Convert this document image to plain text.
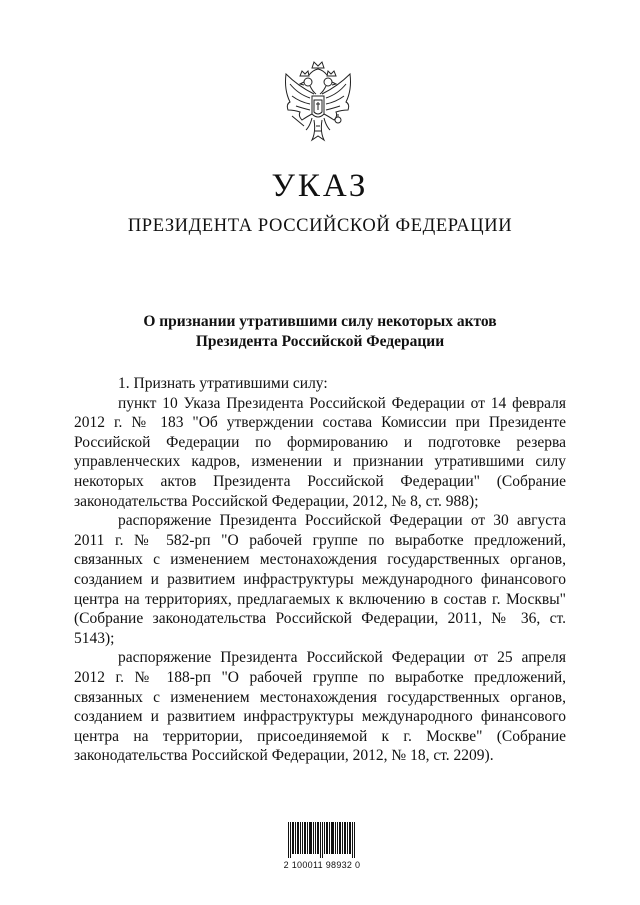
УКАЗ
ПРЕЗИДЕНТА РОССИЙСКОЙ ФЕДЕРАЦИИ
О признании утратившими силу некоторых актов
Президента Российской Федерации

1. Признать утратившими силу:

пункт 10 Указа Президента Российской Федерации от 14 февраля 2012 г. № 183 "Об утверждении состава Комиссии при Президенте Российской Федерации по формированию и подготовке резерва управленческих кадров, изменении и признании утратившими силу некоторых актов Президента Российской Федерации" (Собрание законодательства Российской Федерации, 2012, № 8, ст. 988);

распоряжение Президента Российской Федерации от 30 августа 2011 г. № 582-рп "О рабочей группе по выработке предложений, связанных с изменением местонахождения государственных органов, созданием и развитием инфраструктуры международного финансового центра на территориях, предлагаемых к включению в состав г. Москвы" (Собрание законодательства Российской Федерации, 2011, № 36, ст. 5143);

распоряжение Президента Российской Федерации от 25 апреля 2012 г. № 188-рп "О рабочей группе по выработке предложений, связанных с изменением местонахождения государственных органов, созданием и развитием инфраструктуры международного финансового центра на территории, присоединяемой к г. Москве" (Собрание законодательства Российской Федерации, 2012, № 18, ст. 2209).

2 100011 98932 0
